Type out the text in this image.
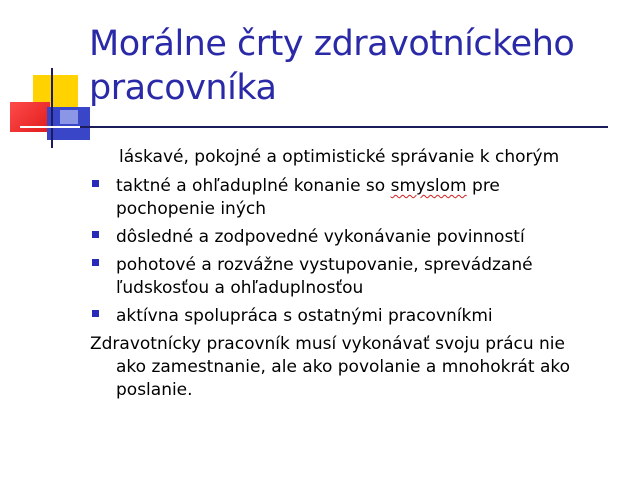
Morálne črty zdravotníckeho
pracovníka
láskavé, pokojné a optimistické správanie k chorým
taktné a ohľaduplné konanie so smyslom pre
pochopenie iných
dôsledné a zodpovedné vykonávanie povinností
pohotové a rozvážne vystupovanie, sprevádzané
ľudskosťou a ohľaduplnosťou
aktívna spolupráca s ostatnými pracovníkmi
Zdravotnícky pracovník musí vykonávať svoju prácu nie
ako zamestnanie, ale ako povolanie a mnohokrát ako
poslanie.
